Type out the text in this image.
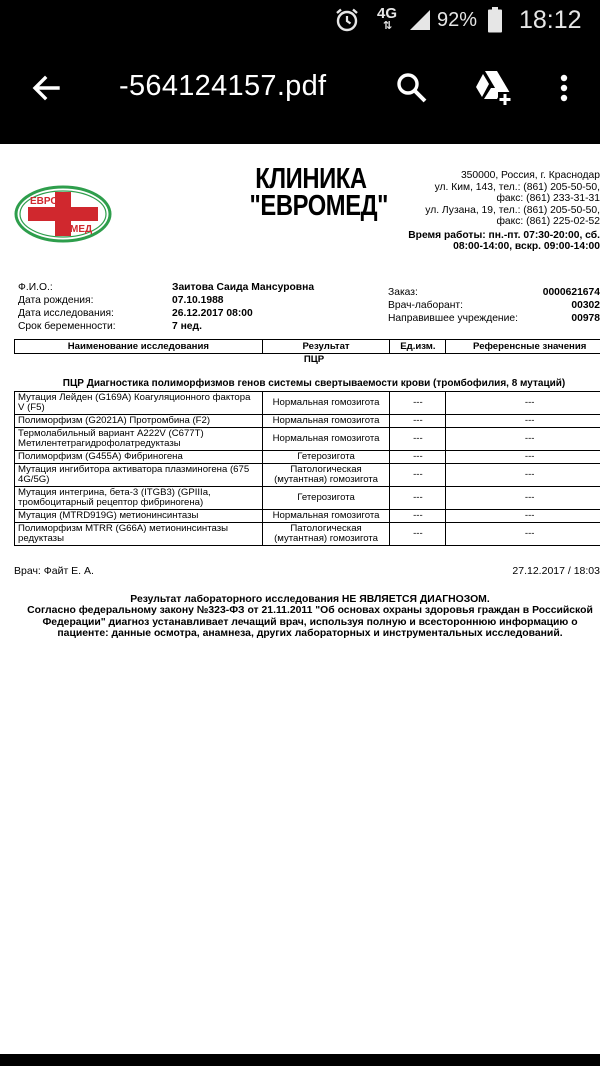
4G
⇅ 92% 18:12
-564124157.pdf
ЕВРО
МЕД
КЛИНИКА
"ЕВРОМЕД"
350000, Россия, г. Краснодар
ул. Ким, 143, тел.: (861) 205-50-50,
факс: (861) 233-31-31
ул. Лузана, 19, тел.: (861) 205-50-50,
факс: (861) 225-02-52
Время работы: пн.-пт. 07:30-20:00, сб.
08:00-14:00, вскр. 09:00-14:00
Ф.И.О.:	Заитова Саида Мансуровна
Дата рождения:	07.10.1988
Дата исследования:	26.12.2017 08:00
Срок беременности:	7 нед.
Заказ:	0000621674
Врач-лаборант:	00302
Направившее учреждение:	00978
Наименование исследования	Результат	Ед.изм.	Референсные значения
ПЦР			

ПЦР Диагностика полиморфизмов генов системы свертываемости крови (тромбофилия, 8 мутаций)			
Мутация Лейден (G169A) Коагуляционного фактора V (F5)	Нормальная гомозигота	---	---
Полиморфизм (G2021A) Протромбина (F2)	Нормальная гомозигота	---	---
Термолабильный вариант A222V (C677T) Метилентетрагидрофолатредуктазы	Нормальная гомозигота	---	---
Полиморфизм (G455A) Фибриногена	Гетерозигота	---	---
Мутация ингибитора активатора плазминогена (675 4G/5G)	Патологическая (мутантная) гомозигота	---	---
Мутация интегрина, бета-3 (ITGB3) (GPIIIa, тромбоцитарный рецептор фибриногена)	Гетерозигота	---	---
Мутация (MTRD919G) метионинсинтазы	Нормальная гомозигота	---	---
Полиморфизм MTRR (G66A) метионинсинтазы редуктазы	Патологическая (мутантная) гомозигота	---	---
Врач: Файт Е. А.	27.12.2017 / 18:03
Результат лабораторного исследования НЕ ЯВЛЯЕТСЯ ДИАГНОЗОМ.
Согласно федеральному закону №323-ФЗ от 21.11.2011 "Об основах охраны здоровья граждан в Российской
Федерации" диагноз устанавливает лечащий врач, используя полную и всестороннюю информацию о
пациенте: данные осмотра, анамнеза, других лабораторных и инструментальных исследований.
